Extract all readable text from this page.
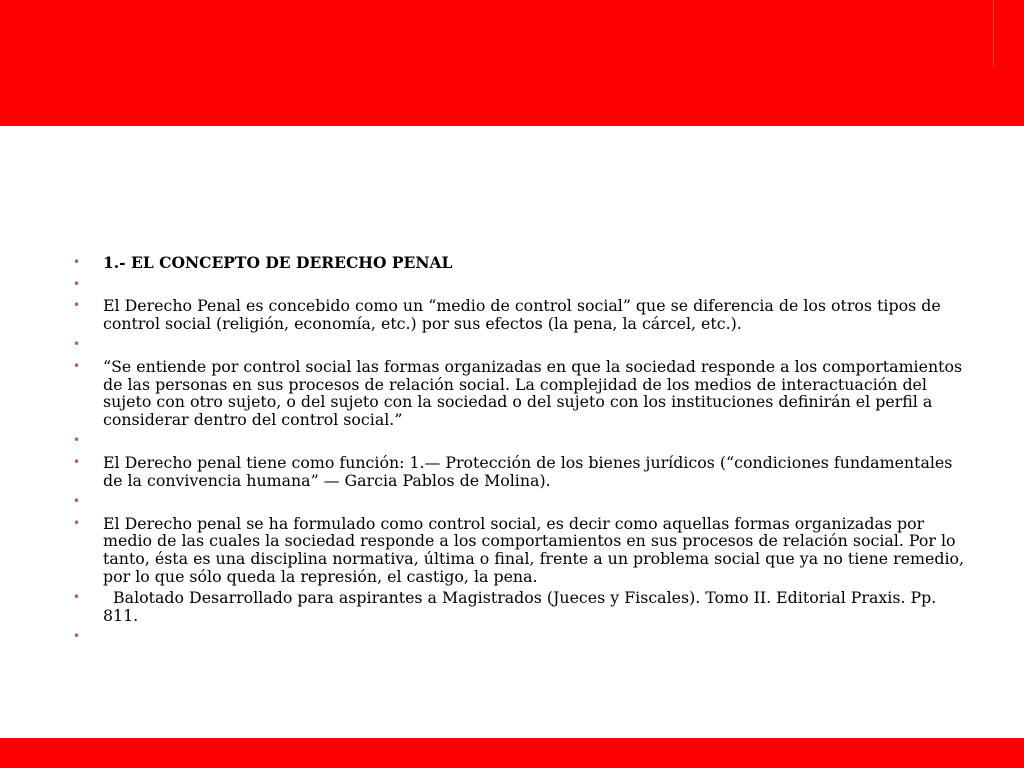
• 1.- EL CONCEPTO DE DERECHO PENAL
•
• El Derecho Penal es concebido como un “medio de control social” que se diferencia de los otros tipos de control social (religión, economía, etc.) por sus efectos (la pena, la cárcel, etc.).
•
• “Se entiende por control social las formas organizadas en que la sociedad responde a los comportamientos de las personas en sus procesos de relación social. La complejidad de los medios de interactuación del sujeto con otro sujeto, o del sujeto con la sociedad o del sujeto con los instituciones definirán el perfil a considerar dentro del control social.”
•
• El Derecho penal tiene como función: 1.— Protección de los bienes jurídicos (“condiciones fundamentales de la convivencia humana” — Garcia Pablos de Molina).
•
• El Derecho penal se ha formulado como control social, es decir como aquellas formas organizadas por medio de las cuales la sociedad responde a los comportamientos en sus procesos de relación social. Por lo tanto, ésta es una disciplina normativa, última o final, frente a un problema social que ya no tiene remedio, por lo que sólo queda la represión, el castigo, la pena.
• Balotado Desarrollado para aspirantes a Magistrados (Jueces y Fiscales). Tomo II. Editorial Praxis. Pp. 811.
•
